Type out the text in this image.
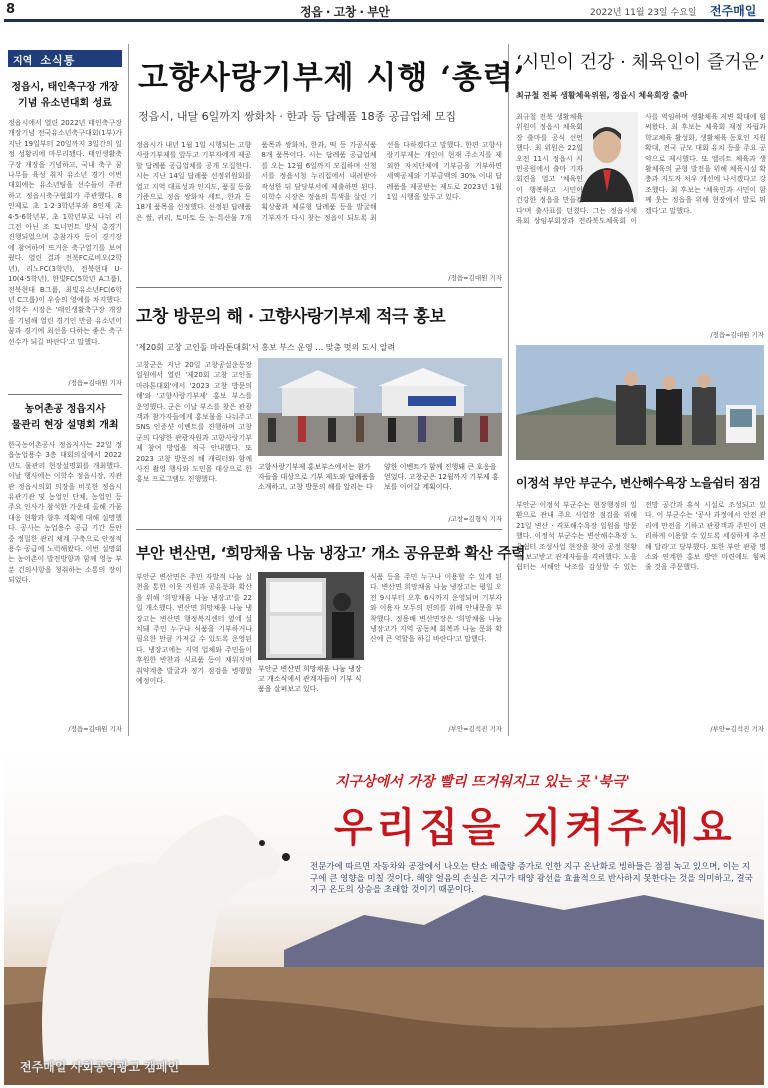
8	정읍 · 고창 · 부안	2022년 11월 23일 수요일 전주매일
지역 소식통
정읍시, 태인축구장 개장
기념 유소년대회 성료
정읍시에서 열린 2022년 태인축구장 개장기념 전국유소년축구대회(1부)가 지난 19일부터 20일까지 3일간의 일정 성황리에 마무리됐다. 태인생활축구장 개장을 기념하고, 국내 축구 꿈나무들 육성 취지 유소년 경기 이번 대회에는 유소년팀을 선수들이 주관하고 정읍시축구협회가 주관했다. 8인제로 초 1·2·3학년부와 8인제 초 4·5·6학년부, 초 1학년부로 나뉘 리그전 아닌 조 토너먼트 방식 총경기 진행되었으며 총참가자 등이 경기장에 참여하여 뜨거운 축구열기를 보여줬다. 열린 결과 전북FC로비오(2학년), 리노FC(3학년), 전북현대 U-10(4·5학년), 한빛FC(5학년 A그룹), 전북현대 B그룹, 최빛유소년FC(6학년 C그룹)이 우승의 영예를 차지했다. 이학수 시장은 '태인생활축구장 개장을 기념해 열린 경기인 만큼 유소년이 꿈과 경기에 최선을 다하는 좋은 축구선수가 되길 바란다'고 말했다.
/정읍=김대원 기자
농어촌공 정읍지사
물관리 현장 설명회 개최
한국농어촌공사 정읍지사는 22일 정읍농업용수 3층 대회의실에서 2022년도 물관리 현장설명회를 개최했다. 이날 행사에는 이학수 정읍시장, 지관관 정읍시의회 의장을 비롯한 정읍시 유관기관 및 농업인 단체, 농업인 등 주요 인사가 참석한 가운데 올해 가뭄 대응 현황과 향후 계획에 대해 설명했다. 공사는 농업용수 공급 기간 동안 중 정밀한 관리 체계 구축으로 안정적 용수 공급에 노력해왔다. 이번 설명회는 농어촌이 발전방향과 함께 영농 부분 건의사항을 청취하는 소통의 장이 되었다.
/정읍=김대원 기자
고향사랑기부제 시행 ‘총력’
정읍시, 내달 6일까지 쌍화차 · 한과 등 답례품 18종 공급업체 모집
정읍시가 내년 1월 1일 시행되는 고향사랑기부제를 앞두고 기부자에게 제공할 답례품 공급업체를 공개 모집한다. 시는 지난 14일 답례품 선정위원회를 열고 지역 대표성과 인지도, 품질 등을 기준으로 정읍 쌍화차 세트, 한과 등 18개 품목을 선정했다. 선정된 답례품은 쌀, 귀리, 토마토 등 농·특산물 7개 품목과 쌍화차, 한과, 떡 등 가공식품 8개 품목이다. 시는 답례품 공급업체를 오는 12월 6일까지 모집하며 신청서를 정읍시청 누리집에서 내려받아 작성한 뒤 담당부서에 제출하면 된다. 이학수 시장은 정읍의 특색을 살린 기획상품과 체류형 답례품 등을 발굴해 기부자가 다시 찾는 정읍이 되도록 최선을 다하겠다고 말했다. 한편 고향사랑기부제는 개인이 현재 주소지를 제외한 자치단체에 기부금을 기부하면 세액공제와 기부금액의 30% 이내 답례품을 제공받는 제도로 2023년 1월 1일 시행을 앞두고 있다.
/정읍=김대원 기자
고창 방문의 해 · 고향사랑기부제 적극 홍보
'제20회 고창 고인돌 마라톤대회'서 홍보 부스 운영 … 맞춤 멋의 도시 알려
고창군은 지난 20일 고창공설운동장 일원에서 열린 '제20회 고창 고인돌 마라톤대회'에서 '2023 고창 방문의 해'와 '고향사랑기부제' 홍보 부스를 운영했다. 군은 이날 부스를 찾은 관광객과 참가자들에게 홍보물을 나눠주고 SNS 인증샷 이벤트를 진행하며 고창군의 다양한 관광자원과 고향사랑기부제 참여 방법을 적극 안내했다. 또 2023 고창 방문의 해 캐릭터와 함께 사진 촬영 행사와 도민을 대상으로 한 홍보 프로그램도 진행했다.
고향사랑기부제 홍보부스에서는 참가자들을 대상으로 기부 제도와 답례품을 소개하고, 고창 방문의 해를 알리는 다양한 이벤트가 함께 진행돼 큰 호응을 얻었다. 고창군은 12월까지 기부제 홍보를 이어갈 계획이다.
/고창=김형식 기자
부안 변산면, ‘희망채움 나눔 냉장고’ 개소 공유문화 확산 주력
부안군 변산면은 주민 자발적 나눔 실천을 통한 이웃 지원과 공유문화 확산을 위해 '희망채움 나눔 냉장고'를 22일 개소했다. 변산면 희망채움 나눔 냉장고는 변산면 행정복지센터 옆에 설치돼 주민 누구나 식품을 기부하거나 필요한 만큼 가져갈 수 있도록 운영된다. 냉장고에는 지역 업체와 주민들이 후원한 반찬과 식료품 등이 채워지며 취약계층 발굴과 정기 점검을 병행할 예정이다.
부안군 변산면 희망채움 나눔 냉장고 개소식에서 관계자들이 기부 식품을 살펴보고 있다.
식품 등을 주민 누구나 이용할 수 있게 된다. 변산면 희망채움 나눔 냉장고는 평일 오전 9시부터 오후 6시까지 운영되며 기부자와 이용자 모두의 편의를 위해 안내문을 부착했다. 정용배 변산면장은 '희망채움 나눔 냉장고가 지역 공동체 회복과 나눔 문화 확산에 큰 역할을 하길 바란다'고 말했다.
/부안=김석진 기자
‘시민이 건강 · 체육인이 즐거운’
최규철 전북 생활체육위원, 정읍시 체육회장 출마
최규철 전북 생활체육위원이 정읍시 체육회장 출마를 공식 선언했다. 최 위원은 22일 오전 11시 정읍시 시민공원에서 출마 기자회견을 열고 '체육인이 행복하고 시민이 건강한 정읍을 만들겠다'며 출사표를 던졌다. 그는 정읍시체육회 상임부회장과 전라북도체육회 이사를 역임하며 생활체육 저변 확대에 힘써왔다. 최 후보는 체육회 재정 자립과 학교체육 활성화, 생활체육 동호인 지원 확대, 전국 규모 대회 유치 등을 주요 공약으로 제시했다. 또 엘리트 체육과 생활체육의 균형 발전을 위해 체육시설 확충과 지도자 처우 개선에 나서겠다고 강조했다. 최 후보는 '체육인과 시민이 함께 웃는 정읍을 위해 현장에서 발로 뛰겠다'고 말했다.
/정읍=김대원 기자
이정석 부안 부군수, 변산해수욕장 노을쉼터 점검
부안군 이정석 부군수는 현장행정의 일환으로 관내 주요 사업장 점검을 위해 21일 변산 · 격포해수욕장 일원을 방문했다. 이정석 부군수는 변산해수욕장 노을쉼터 조성사업 현장을 찾아 공정 현황을 보고받고 관계자들을 격려했다. 노을쉼터는 서해안 낙조를 감상할 수 있는 전망 공간과 휴식 시설로 조성되고 있다. 이 부군수는 '공사 과정에서 안전 관리에 만전을 기하고 관광객과 주민이 편리하게 이용할 수 있도록 세심하게 추진해 달라'고 당부했다. 또한 부안 관광 명소와 연계한 홍보 방안 마련에도 힘써 줄 것을 주문했다.
/부안=김석진 기자
지구상에서 가장 빨리 뜨거워지고 있는 곳 '북극'
우리집을 지켜주세요
전문가에 따르면 자동차와 공장에서 나오는 탄소 배출량 증가로 인한 지구 온난화로 빙하들은 점점 녹고 있으며, 이는 지구에 큰 영향을 미칠 것이다. 해양 얼음의 손실은 지구가 태양 광선을 효율적으로 반사하지 못한다는 것을 의미하고, 결국 지구 온도의 상승을 초래할 것이기 때문이다.
전주매일 사회공익광고 캠페인
